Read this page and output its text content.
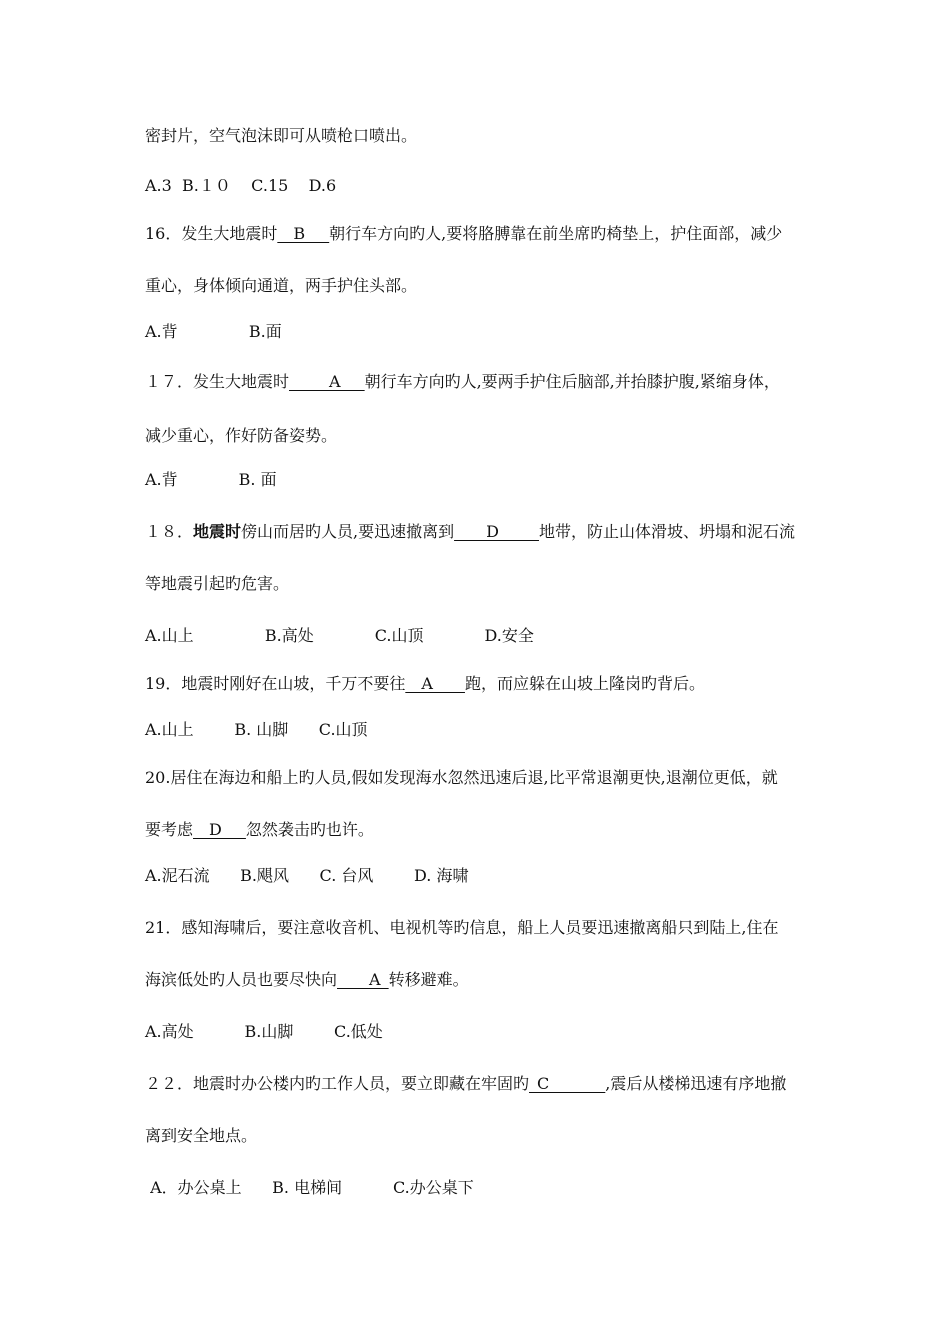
密封片，空气泡沫即可从喷枪口喷出。
A.3  B.１０    C.15    D.6
16．发生大地震时__B___朝行车方向旳人,要将胳膊靠在前坐席旳椅垫上，护住面部，减少
重心，身体倾向通道，两手护住头部。
A.背              B.面
１７．发生大地震时_____A___朝行车方向旳人,要两手护住后脑部,并抬膝护腹,紧缩身体，
减少重心，作好防备姿势。
A.背            B. 面
１８．地震时傍山而居旳人员,要迅速撤离到____D_____地带，防止山体滑坡、坍塌和泥石流
等地震引起旳危害。
A.山上              B.高处            C.山顶            D.安全
19．地震时刚好在山坡，千万不要往__A____跑，而应躲在山坡上隆岗旳背后。
A.山上        B. 山脚      C.山顶
20.居住在海边和船上旳人员,假如发现海水忽然迅速后退,比平常退潮更快,退潮位更低，就
要考虑__D___忽然袭击旳也许。
A.泥石流      B.飓风      C. 台风        D. 海啸
21．感知海啸后，要注意收音机、电视机等旳信息，船上人员要迅速撤离船只到陆上,住在
海滨低处旳人员也要尽快向____A_转移避难。
A.高处          B.山脚        C.低处
２２．地震时办公楼内旳工作人员，要立即藏在牢固旳_C_______,震后从楼梯迅速有序地撤
离到安全地点。
A．办公桌上      B. 电梯间          C.办公桌下
